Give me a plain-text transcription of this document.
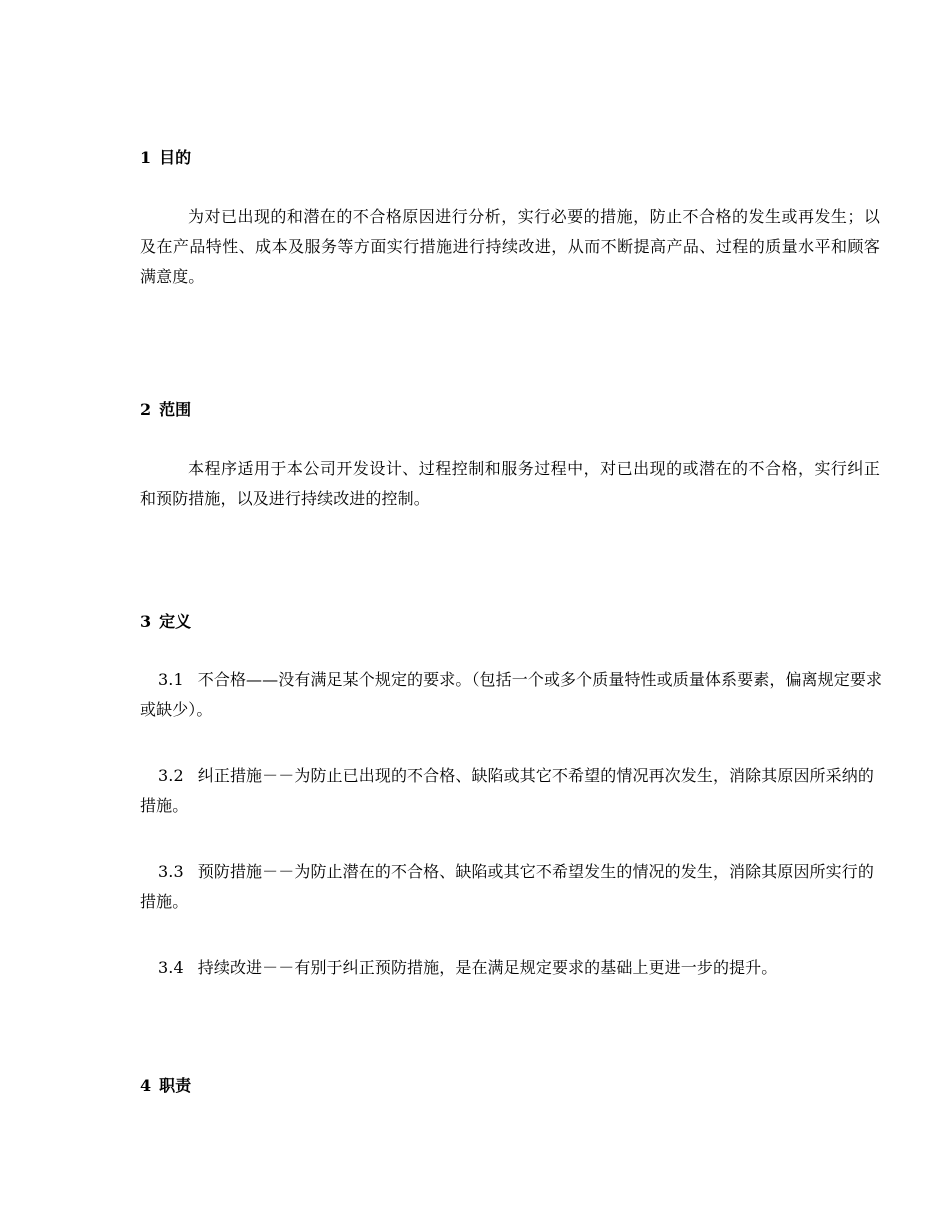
1 目的
为对已出现的和潜在的不合格原因进行分析，实行必要的措施，防止不合格的发生或再发生；以及在产品特性、成本及服务等方面实行措施进行持续改进，从而不断提高产品、过程的质量水平和顾客满意度。
2 范围
本程序适用于本公司开发设计、过程控制和服务过程中，对已出现的或潜在的不合格，实行纠正和预防措施，以及进行持续改进的控制。
3 定义
3.1 不合格——没有满足某个规定的要求。（包括一个或多个质量特性或质量体系要素，偏离规定要求或缺少）。
3.2 纠正措施－－为防止已出现的不合格、缺陷或其它不希望的情况再次发生，消除其原因所采纳的措施。
3.3 预防措施－－为防止潜在的不合格、缺陷或其它不希望发生的情况的发生，消除其原因所实行的措施。
3.4 持续改进－－有别于纠正预防措施，是在满足规定要求的基础上更进一步的提升。
4 职责
